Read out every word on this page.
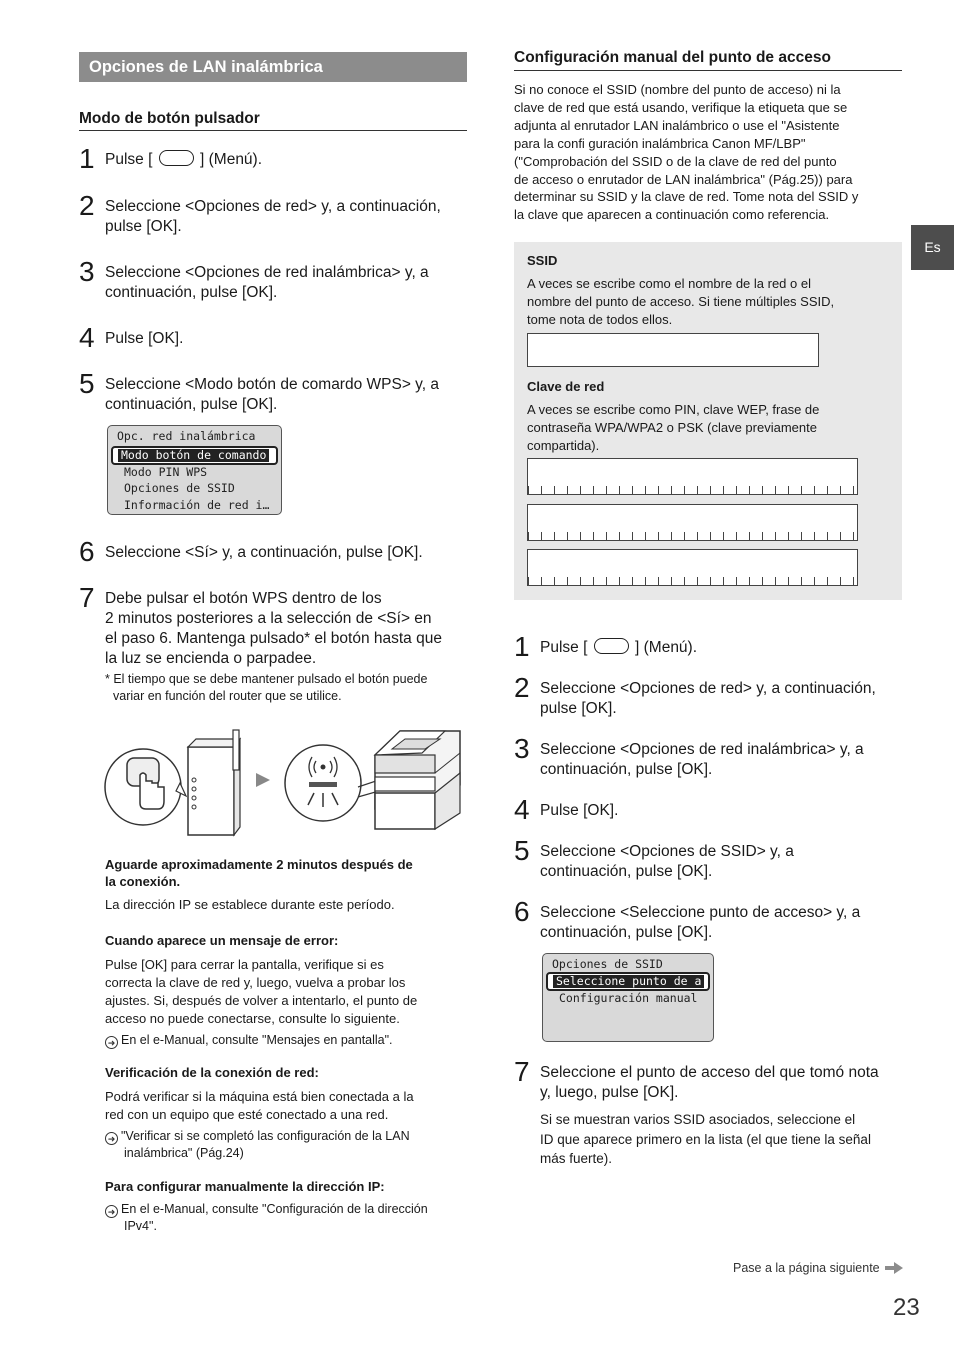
Opciones de LAN inalámbrica
Modo de botón pulsador
1 Pulse [	] (Menú).
2 Seleccione <Opciones de red> y, a continuación,
pulse [OK].
3 Seleccione <Opciones de red inalámbrica> y, a
continuación, pulse [OK].
4 Pulse [OK].
5 Seleccione <Modo botón de comardo WPS> y, a
continuación, pulse [OK].
Opc. red inalámbrica
Modo botón de comando
Modo PIN WPS
Opciones de SSID
Información de red i…
6 Seleccione <Sí> y, a continuación, pulse [OK].
7 Debe pulsar el botón WPS dentro de los
2 minutos posteriores a la selección de <Sí> en
el paso 6. Mantenga pulsado* el botón hasta que
la luz se encienda o parpadee.
* El tiempo que se debe mantener pulsado el botón puede
variar en función del router que se utilice.
Aguarde aproximadamente 2 minutos después de
la conexión.
La dirección IP se establece durante este período.
Cuando aparece un mensaje de error:
Pulse [OK] para cerrar la pantalla, verifique si es
correcta la clave de red y, luego, vuelva a probar los
ajustes. Si, después de volver a intentarlo, el punto de
acceso no puede conectarse, consulte lo siguiente.
➜ En el e-Manual, consulte "Mensajes en pantalla".
Verificación de la conexión de red:
Podrá verificar si la máquina está bien conectada a la
red con un equipo que esté conectado a una red.
➜ "Verificar si se completó las configuración de la LAN
inalámbrica" (Pág.24)
Para configurar manualmente la dirección IP:
➜ En el e-Manual, consulte "Configuración de la dirección
IPv4".
Configuración manual del punto de acceso
Si no conoce el SSID (nombre del punto de acceso) ni la
clave de red que está usando, verifique la etiqueta que se
adjunta al enrutador LAN inalámbrico o use el "Asistente
para la confi guración inalámbrica Canon MF/LBP"
("Comprobación del SSID o de la clave de red del punto
de acceso o enrutador de LAN inalámbrica" (Pág.25)) para
determinar su SSID y la clave de red. Tome nota del SSID y
la clave que aparecen a continuación como referencia.
SSID
A veces se escribe como el nombre de la red o el
nombre del punto de acceso. Si tiene múltiples SSID,
tome nota de todos ellos.
Clave de red
A veces se escribe como PIN, clave WEP, frase de
contraseña WPA/WPA2 o PSK (clave previamente
compartida).
1 Pulse [	] (Menú).
2 Seleccione <Opciones de red> y, a continuación,
pulse [OK].
3 Seleccione <Opciones de red inalámbrica> y, a
continuación, pulse [OK].
4 Pulse [OK].
5 Seleccione <Opciones de SSID> y, a
continuación, pulse [OK].
6 Seleccione <Seleccione punto de acceso> y, a
continuación, pulse [OK].
Opciones de SSID
Seleccione punto de a
Configuración manual
7 Seleccione el punto de acceso del que tomó nota
y, luego, pulse [OK].
Si se muestran varios SSID asociados, seleccione el
ID que aparece primero en la lista (el que tiene la señal
más fuerte).
Es
Pase a la página siguiente
23
